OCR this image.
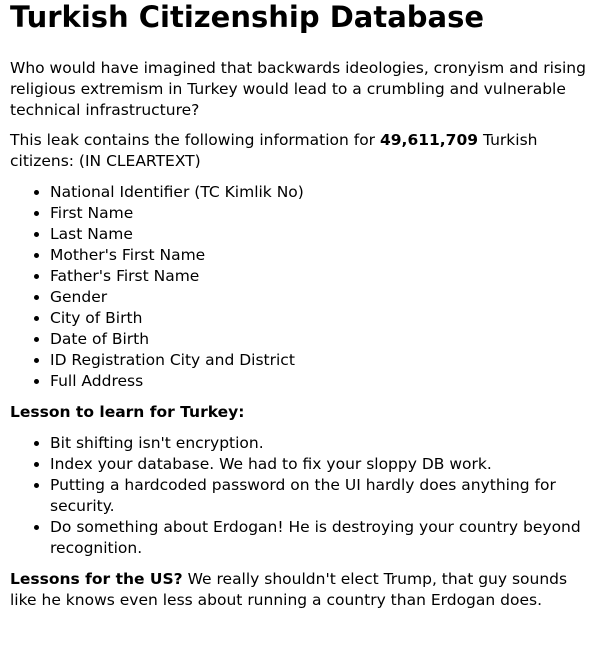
Turkish Citizenship Database

Who would have imagined that backwards ideologies, cronyism and rising religious extremism in Turkey would lead to a crumbling and vulnerable technical infrastructure?

This leak contains the following information for 49,611,709 Turkish citizens: (IN CLEARTEXT)

• National Identifier (TC Kimlik No)
• First Name
• Last Name
• Mother's First Name
• Father's First Name
• Gender
• City of Birth
• Date of Birth
• ID Registration City and District
• Full Address

Lesson to learn for Turkey:

• Bit shifting isn't encryption.
• Index your database. We had to fix your sloppy DB work.
• Putting a hardcoded password on the UI hardly does anything for security.
• Do something about Erdogan! He is destroying your country beyond recognition.

Lessons for the US? We really shouldn't elect Trump, that guy sounds like he knows even less about running a country than Erdogan does.
